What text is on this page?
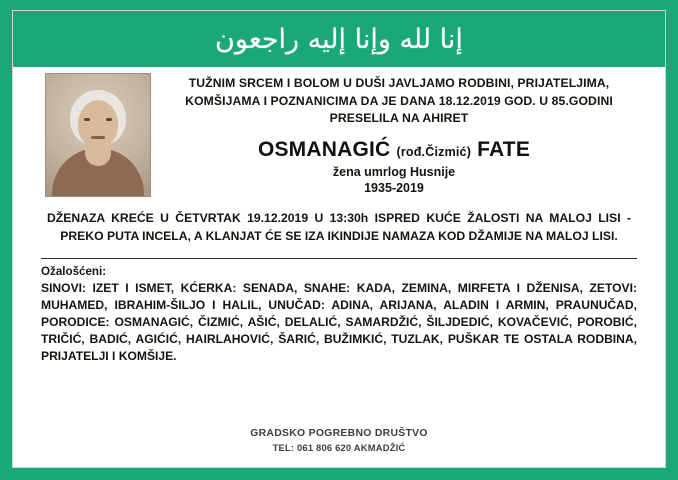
إنا لله وإنا إليه راجعون

TUŽNIM SRCEM I BOLOM U DUŠI JAVLJAMO RODBINI, PRIJATELJIMA, KOMŠIJAMA I POZNANICIMA DA JE DANA 18.12.2019 GOD. U 85.GODINI PRESELILA NA AHIRET

OSMANAGIĆ (rođ.Čizmić) FATE
žena umrlog Husnije
1935-2019

DŽENAZA KREĆE U ČETVRTAK 19.12.2019 U 13:30h ISPRED KUĆE ŽALOSTI NA MALOJ LISI - PREKO PUTA INCELA, A KLANJAT ĆE SE IZA IKINDIJE NAMAZA KOD DŽAMIJE NA MALOJ LISI.

Ožalošćeni:

SINOVI: IZET I ISMET, KĆERKA: SENADA, SNAHE: KADA, ZEMINA, MIRFETA I DŽENISA, ZETOVI: MUHAMED, IBRAHIM-ŠILJO I HALIL, UNUČAD: ADINA, ARIJANA, ALADIN I ARMIN, PRAUNUČAD, PORODICE: OSMANAGIĆ, ČIZMIĆ, AŠIĆ, DELALIĆ, SAMARDŽIĆ, ŠILJDEDIĆ, KOVAČEVIĆ, POROBIĆ, TRIČIĆ, BADIĆ, AGIĆIĆ, HAIRLAHOVIĆ, ŠARIĆ, BUŽIMKIĆ, TUZLAK, PUŠKAR TE OSTALA RODBINA, PRIJATELJI I KOMŠIJE.

GRADSKO POGREBNO DRUŠTVO

TEL: 061 806 620 AKMADŽIĆ
